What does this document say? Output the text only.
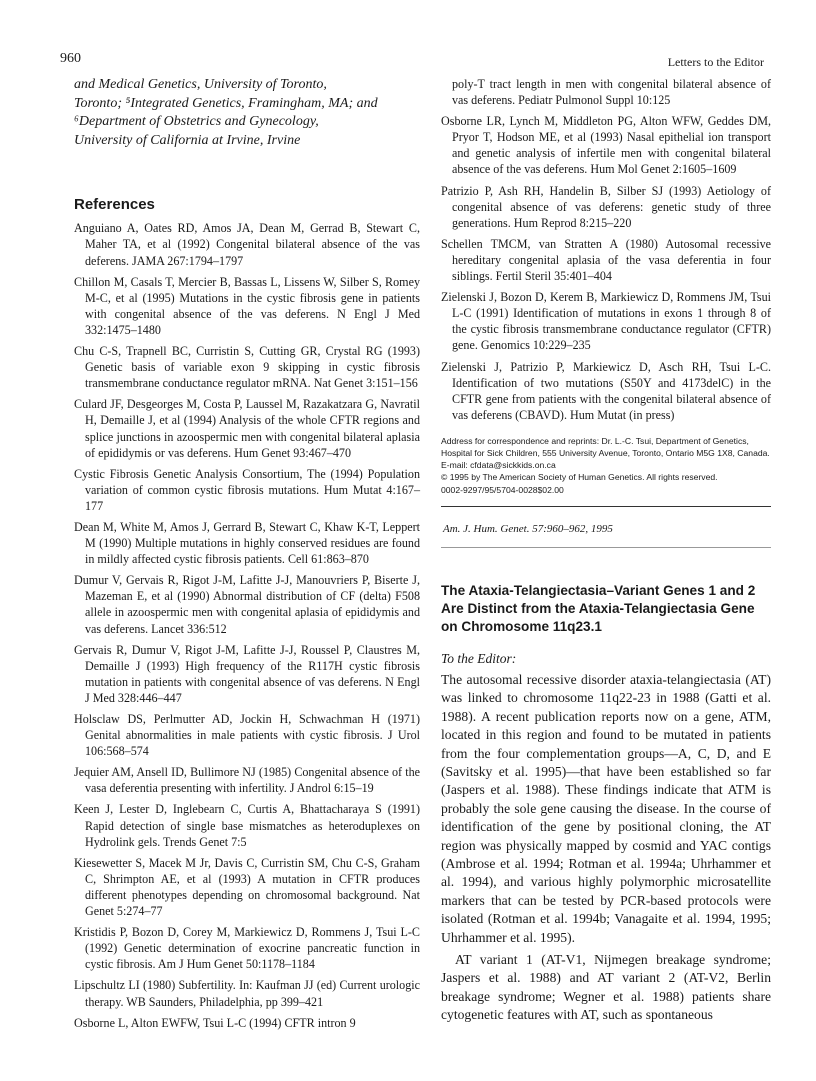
960	Letters to the Editor

and Medical Genetics, University of Toronto,

Toronto; ⁵Integrated Genetics, Framingham, MA; and

⁶Department of Obstetrics and Gynecology,

University of California at Irvine, Irvine

References

Anguiano A, Oates RD, Amos JA, Dean M, Gerrad B, Stewart C, Maher TA, et al (1992) Congenital bilateral absence of the vas deferens. JAMA 267:1794–1797

Chillon M, Casals T, Mercier B, Bassas L, Lissens W, Silber S, Romey M-C, et al (1995) Mutations in the cystic fibrosis gene in patients with congenital absence of the vas deferens. N Engl J Med 332:1475–1480

Chu C-S, Trapnell BC, Curristin S, Cutting GR, Crystal RG (1993) Genetic basis of variable exon 9 skipping in cystic fibrosis transmembrane conductance regulator mRNA. Nat Genet 3:151–156

Culard JF, Desgeorges M, Costa P, Laussel M, Razakatzara G, Navratil H, Demaille J, et al (1994) Analysis of the whole CFTR regions and splice junctions in azoospermic men with congenital bilateral aplasia of epididymis or vas deferens. Hum Genet 93:467–470

Cystic Fibrosis Genetic Analysis Consortium, The (1994) Population variation of common cystic fibrosis mutations. Hum Mutat 4:167–177

Dean M, White M, Amos J, Gerrard B, Stewart C, Khaw K-T, Leppert M (1990) Multiple mutations in highly conserved residues are found in mildly affected cystic fibrosis patients. Cell 61:863–870

Dumur V, Gervais R, Rigot J-M, Lafitte J-J, Manouvriers P, Biserte J, Mazeman E, et al (1990) Abnormal distribution of CF (delta) F508 allele in azoospermic men with congenital aplasia of epididymis and vas deferens. Lancet 336:512

Gervais R, Dumur V, Rigot J-M, Lafitte J-J, Roussel P, Claustres M, Demaille J (1993) High frequency of the R117H cystic fibrosis mutation in patients with congenital absence of vas deferens. N Engl J Med 328:446–447

Holsclaw DS, Perlmutter AD, Jockin H, Schwachman H (1971) Genital abnormalities in male patients with cystic fibrosis. J Urol 106:568–574

Jequier AM, Ansell ID, Bullimore NJ (1985) Congenital absence of the vasa deferentia presenting with infertility. J Androl 6:15–19

Keen J, Lester D, Inglebearn C, Curtis A, Bhattacharaya S (1991) Rapid detection of single base mismatches as heteroduplexes on Hydrolink gels. Trends Genet 7:5

Kiesewetter S, Macek M Jr, Davis C, Curristin SM, Chu C-S, Graham C, Shrimpton AE, et al (1993) A mutation in CFTR produces different phenotypes depending on chromosomal background. Nat Genet 5:274–77

Kristidis P, Bozon D, Corey M, Markiewicz D, Rommens J, Tsui L-C (1992) Genetic determination of exocrine pancreatic function in cystic fibrosis. Am J Hum Genet 50:1178–1184

Lipschultz LI (1980) Subfertility. In: Kaufman JJ (ed) Current urologic therapy. WB Saunders, Philadelphia, pp 399–421

Osborne L, Alton EWFW, Tsui L-C (1994) CFTR intron 9

poly-T tract length in men with congenital bilateral absence of vas deferens. Pediatr Pulmonol Suppl 10:125

Osborne LR, Lynch M, Middleton PG, Alton WFW, Geddes DM, Pryor T, Hodson ME, et al (1993) Nasal epithelial ion transport and genetic analysis of infertile men with congenital bilateral absence of the vas deferens. Hum Mol Genet 2:1605–1609

Patrizio P, Ash RH, Handelin B, Silber SJ (1993) Aetiology of congenital absence of vas deferens: genetic study of three generations. Hum Reprod 8:215–220

Schellen TMCM, van Stratten A (1980) Autosomal recessive hereditary congenital aplasia of the vasa deferentia in four siblings. Fertil Steril 35:401–404

Zielenski J, Bozon D, Kerem B, Markiewicz D, Rommens JM, Tsui L-C (1991) Identification of mutations in exons 1 through 8 of the cystic fibrosis transmembrane conductance regulator (CFTR) gene. Genomics 10:229–235

Zielenski J, Patrizio P, Markiewicz D, Asch RH, Tsui L-C. Identification of two mutations (S50Y and 4173delC) in the CFTR gene from patients with the congenital bilateral absence of vas deferens (CBAVD). Hum Mutat (in press)

Address for correspondence and reprints: Dr. L.-C. Tsui, Department of Genetics, Hospital for Sick Children, 555 University Avenue, Toronto, Ontario M5G 1X8, Canada. E-mail: cfdata@sickkids.on.ca
© 1995 by The American Society of Human Genetics. All rights reserved.
0002-9297/95/5704-0028$02.00
Am. J. Hum. Genet. 57:960–962, 1995
The Ataxia-Telangiectasia–Variant Genes 1 and 2 Are Distinct from the Ataxia-Telangiectasia Gene on Chromosome 11q23.1

To the Editor:

The autosomal recessive disorder ataxia-telangiectasia (AT) was linked to chromosome 11q22-23 in 1988 (Gatti et al. 1988). A recent publication reports now on a gene, ATM, located in this region and found to be mutated in patients from the four complementation groups—A, C, D, and E (Savitsky et al. 1995)—that have been established so far (Jaspers et al. 1988). These findings indicate that ATM is probably the sole gene causing the disease. In the course of identification of the gene by positional cloning, the AT region was physically mapped by cosmid and YAC contigs (Ambrose et al. 1994; Rotman et al. 1994a; Uhrhammer et al. 1994), and various highly polymorphic microsatellite markers that can be tested by PCR-based protocols were isolated (Rotman et al. 1994b; Vanagaite et al. 1994, 1995; Uhrhammer et al. 1995).

AT variant 1 (AT-V1, Nijmegen breakage syndrome; Jaspers et al. 1988) and AT variant 2 (AT-V2, Berlin breakage syndrome; Wegner et al. 1988) patients share cytogenetic features with AT, such as spontaneous
